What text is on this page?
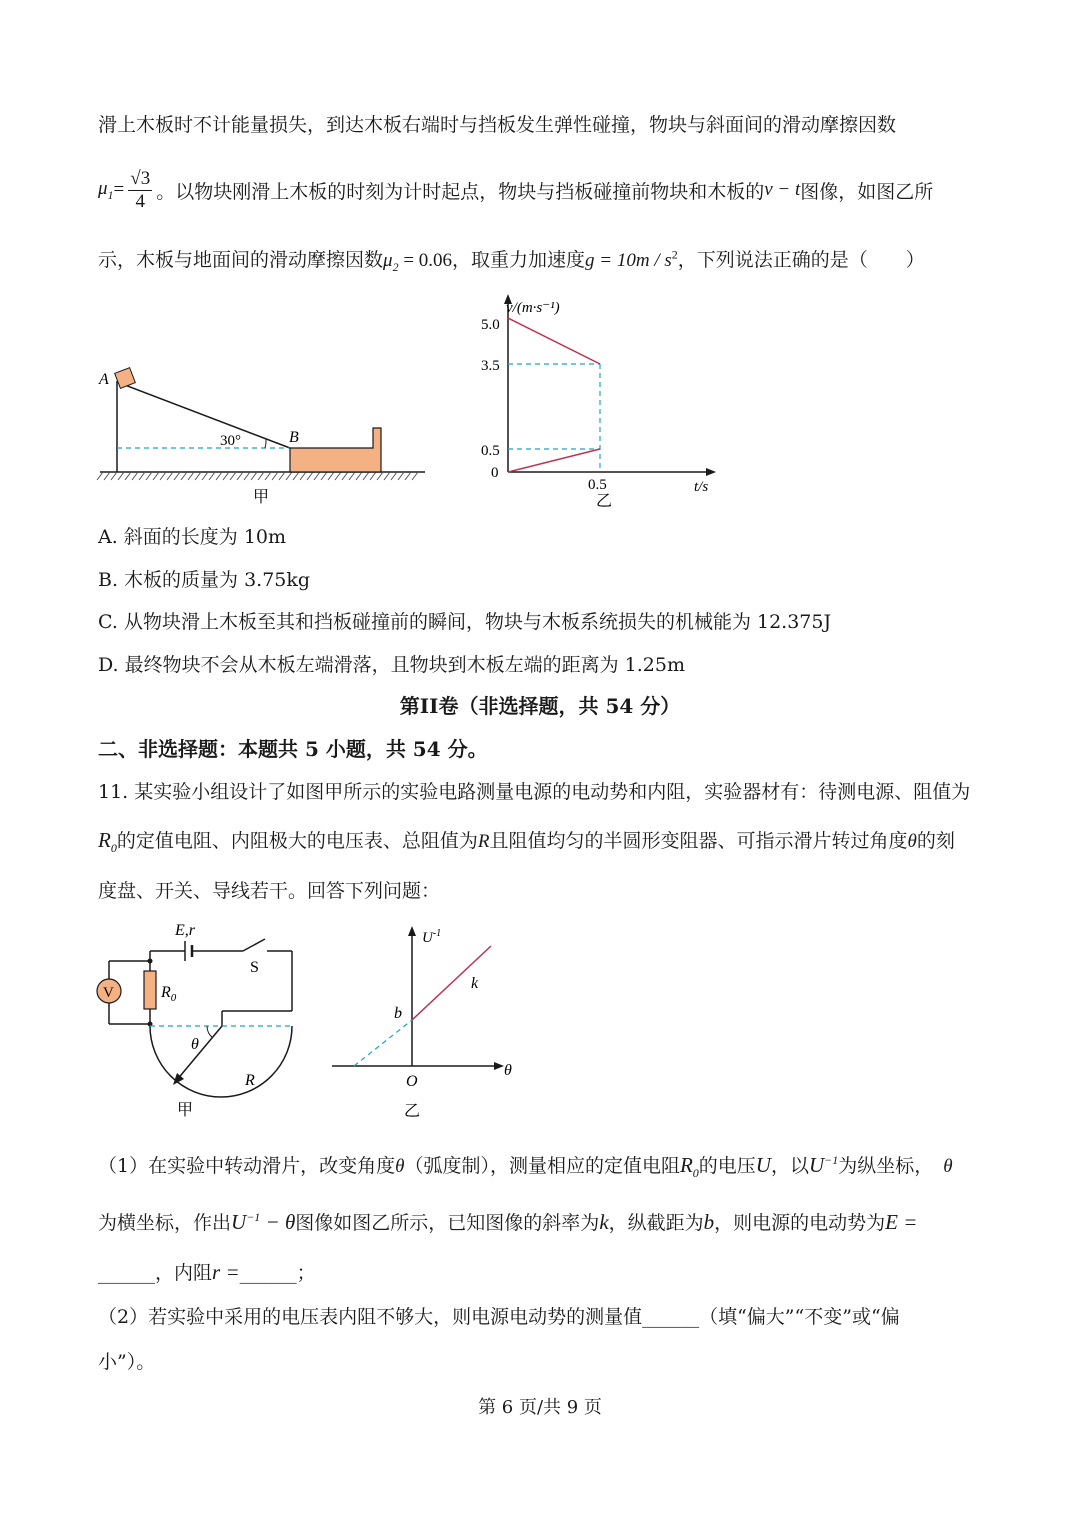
滑上木板时不计能量损失，到达木板右端时与挡板发生弹性碰撞，物块与斜面间的滑动摩擦因数
$\mu_1 = \frac{√3}{4}$ 。以物块刚滑上木板的时刻为计时起点，物块与挡板碰撞前物块和木板的 v − t 图像，如图乙所
示，木板与地面间的滑动摩擦因数$\mu_2 = 0.06$，取重力加速度$g = 10m / s^2$，下列说法正确的是（　　）
A
B
30°
甲
v/(m·s⁻¹)
5.0
3.5
0.5
0
0.5	t/s
乙
A. 斜面的长度为 10m
B. 木板的质量为 3.75kg
C. 从物块滑上木板至其和挡板碰撞前的瞬间，物块与木板系统损失的机械能为 12.375J
D. 最终物块不会从木板左端滑落，且物块到木板左端的距离为 1.25m
第II卷（非选择题，共 54 分）
二、非选择题：本题共 5 小题，共 54 分。
11. 某实验小组设计了如图甲所示的实验电路测量电源的电动势和内阻，实验器材有：待测电源、阻值为
$R_0$的定值电阻、内阻极大的电压表、总阻值为R且阻值均匀的半圆形变阻器、可指示滑片转过角度θ的刻
度盘、开关、导线若干。回答下列问题：
E,r
S
V	$R_0$
θ
R
甲
$U^{-1}$
b
k
O
θ
乙
（1）在实验中转动滑片，改变角度θ（弧度制），测量相应的定值电阻$R_0$的电压U，以$U^{-1}$为纵坐标， θ
为横坐标，作出$U^{-1} - \theta$图像如图乙所示，已知图像的斜率为k，纵截距为b，则电源的电动势为E =
______，内阻r =______；
（2）若实验中采用的电压表内阻不够大，则电源电动势的测量值______（填“偏大”“不变”或“偏
小”）。
第 6 页/共 9 页
